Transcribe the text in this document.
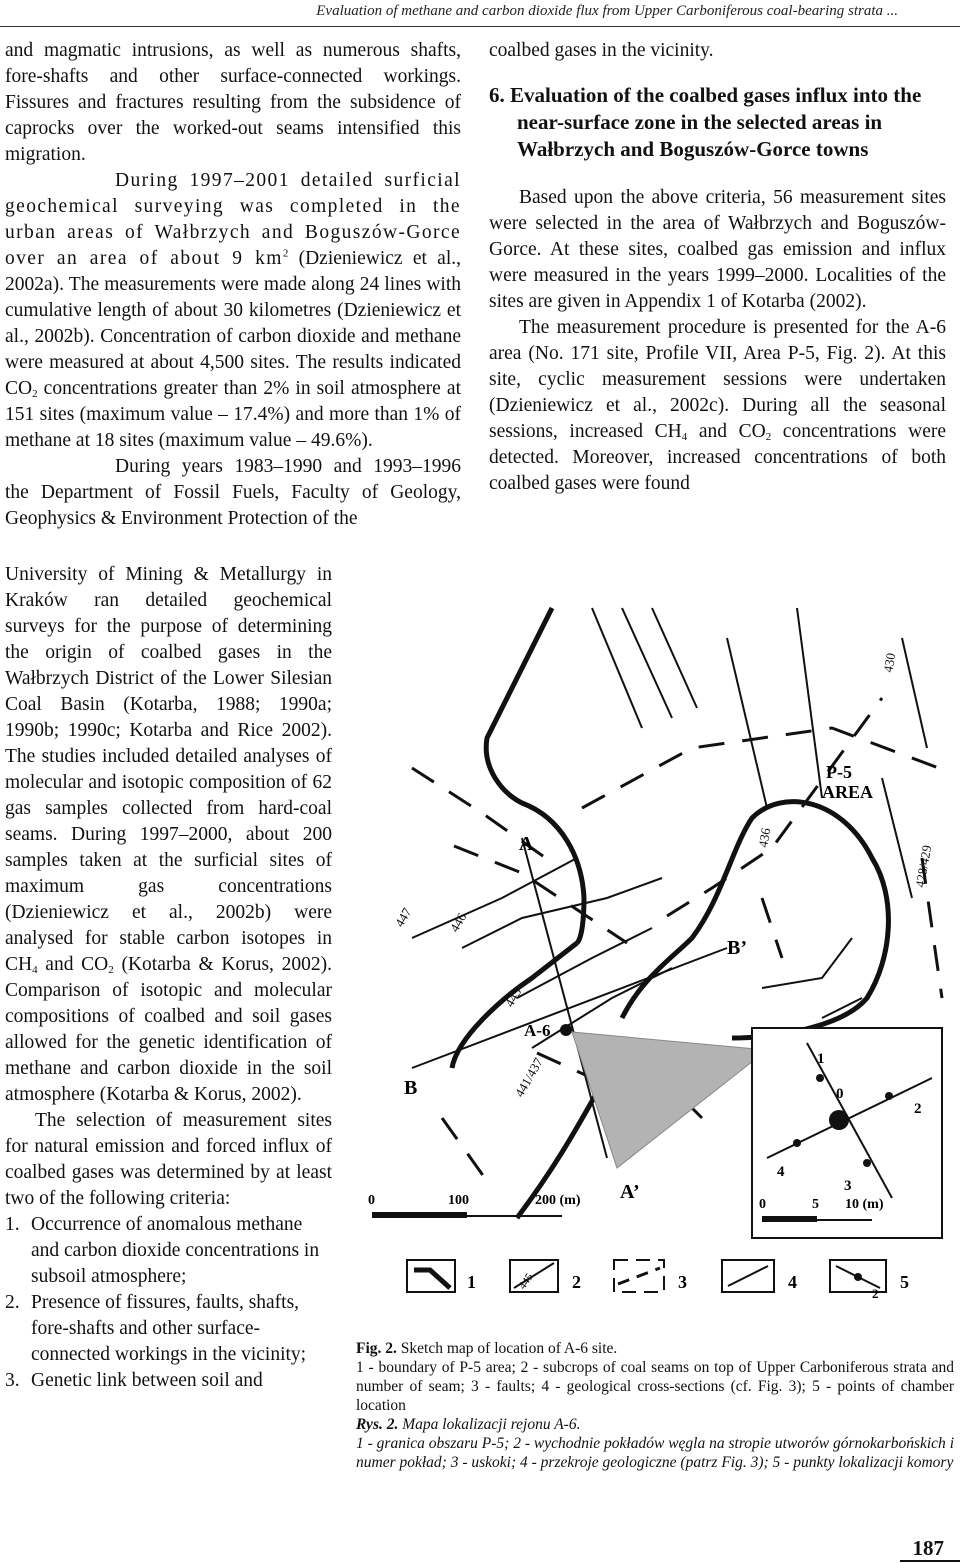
Evaluation of methane and carbon dioxide flux from Upper Carboniferous coal-bearing strata ...

and magmatic intrusions, as well as numerous shafts, fore-shafts and other surface-connected workings. Fissures and fractures resulting from the subsidence of caprocks over the worked-out seams intensified this migration.

During 1997–2001 detailed surficial geochemical surveying was completed in the urban areas of Wałbrzych and Boguszów-Gorce over an area of about 9 $km^2$ (Dzieniewicz et al., 2002a). The measurements were made along 24 lines with cumulative length of about 30 kilometres (Dzieniewicz et al., 2002b). Concentration of carbon dioxide and methane were measured at about 4,500 sites. The results indicated $CO_2$ concentrations greater than 2% in soil atmosphere at 151 sites (maximum value – 17.4%) and more than 1% of methane at 18 sites (maximum value – 49.6%).

During years 1983–1990 and 1993–1996 the Department of Fossil Fuels, Faculty of Geology, Geophysics & Environment Protection of the

University of Mining & Metallurgy in Kraków ran detailed geochemical surveys for the purpose of determining the origin of coalbed gases in the Wałbrzych District of the Lower Silesian Coal Basin (Kotarba, 1988; 1990a; 1990b; 1990c; Kotarba and Rice 2002). The studies included detailed analyses of molecular and isotopic composition of 62 gas samples collected from hard-coal seams. During 1997–2000, about 200 samples taken at the surficial sites of maximum gas concentrations (Dzieniewicz et al., 2002b) were analysed for stable carbon isotopes in $CH_4$ and $CO_2$ (Kotarba & Korus, 2002). Comparison of isotopic and molecular compositions of coalbed and soil gases allowed for the genetic identification of methane and carbon dioxide in the soil atmosphere (Kotarba & Korus, 2002).

The selection of measurement sites for natural emission and forced influx of coalbed gases was determined by at least two of the following criteria:

1. Occurrence of anomalous methane and carbon dioxide concentrations in subsoil atmosphere;
2. Presence of fissures, faults, shafts, fore-shafts and other surface-connected workings in the vicinity;
3. Genetic link between soil and

coalbed gases in the vicinity.

6. Evaluation of the coalbed gases influx into the near-surface zone in the selected areas in Wałbrzych and Boguszów-Gorce towns

Based upon the above criteria, 56 measurement sites were selected in the area of Wałbrzych and Boguszów-Gorce. At these sites, coalbed gas emission and influx were measured in the years 1999–2000. Localities of the sites are given in Appendix 1 of Kotarba (2002).

The measurement procedure is presented for the A-6 area (No. 171 site, Profile VII, Area P-5, Fig. 2). At this site, cyclic measurement sessions were undertaken (Dzieniewicz et al., 2002c). During all the seasonal sessions, increased $CH_4$ and $CO_2$ concentrations were detected. Moreover, increased concentrations of both coalbed gases were found

A-6
P-5
AREA
A
A’
B
B’
447 446
445
441/437
436
430
428/429
0	100	200 (m)
1
2
0
3
4
0	5 10 (m)
1	445 2	3	4
2
5

Fig. 2. Sketch map of location of A-6 site.

1 - boundary of P-5 area; 2 - subcrops of coal seams on top of Upper Carboniferous strata and number of seam; 3 - faults; 4 - geological cross-sections (cf. Fig. 3); 5 - points of chamber location

Rys. 2. Mapa lokalizacji rejonu A-6.

1 - granica obszaru P-5; 2 - wychodnie pokładów węgla na stropie utworów górnokarbońskich i numer pokład; 3 - uskoki; 4 - przekroje geologiczne (patrz Fig. 3); 5 - punkty lokalizacji komory

187
